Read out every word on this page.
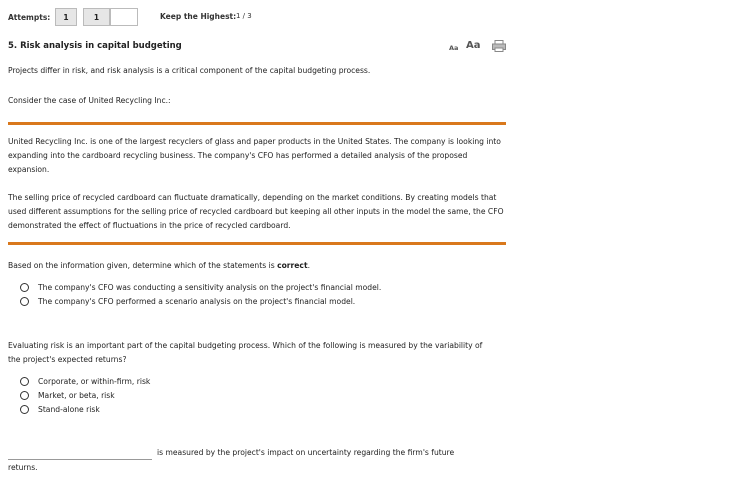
Attempts:	1	1	Keep the Highest: 1 / 3
5. Risk analysis in capital budgeting	Aa Aa
Projects differ in risk, and risk analysis is a critical component of the capital budgeting process.
Consider the case of United Recycling Inc.:
United Recycling Inc. is one of the largest recyclers of glass and paper products in the United States. The company is looking into expanding into the cardboard recycling business. The company's CFO has performed a detailed analysis of the proposed expansion.
The selling price of recycled cardboard can fluctuate dramatically, depending on the market conditions. By creating models that used different assumptions for the selling price of recycled cardboard but keeping all other inputs in the model the same, the CFO demonstrated the effect of fluctuations in the price of recycled cardboard.
Based on the information given, determine which of the statements is correct.
The company's CFO was conducting a sensitivity analysis on the project's financial model.
The company's CFO performed a scenario analysis on the project's financial model.
Evaluating risk is an important part of the capital budgeting process. Which of the following is measured by the variability of the project's expected returns?
Corporate, or within-firm, risk
Market, or beta, risk
Stand-alone risk
is measured by the project's impact on uncertainty regarding the firm's future
returns.
